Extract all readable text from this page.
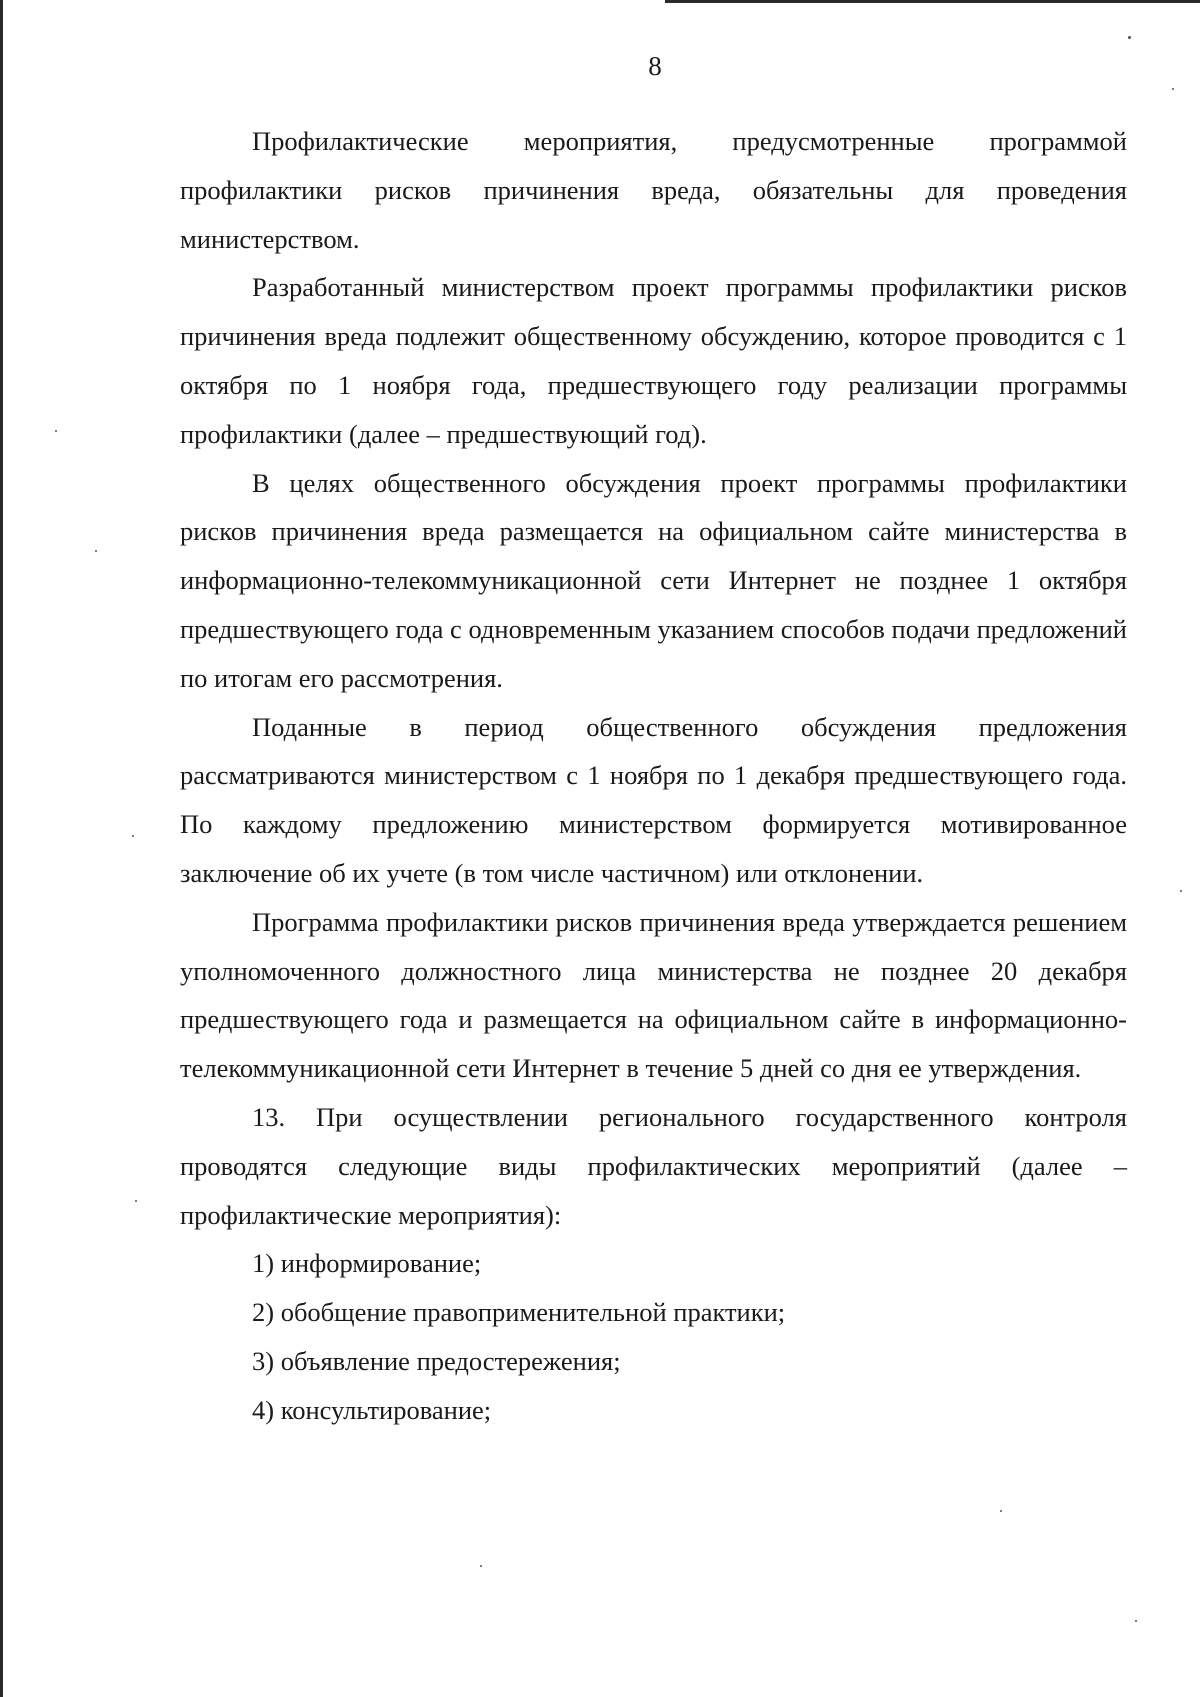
8

Профилактические мероприятия, предусмотренные программой профилактики рисков причинения вреда, обязательны для проведения министерством.

Разработанный министерством проект программы профилактики рисков причинения вреда подлежит общественному обсуждению, которое проводится с 1 октября по 1 ноября года, предшествующего году реализации программы профилактики (далее – предшествующий год).

В целях общественного обсуждения проект программы профилактики рисков причинения вреда размещается на официальном сайте министерства в информационно-телекоммуникационной сети Интернет не позднее 1 октября предшествующего года с одновременным указанием способов подачи предложений по итогам его рассмотрения.

Поданные в период общественного обсуждения предложения рассматриваются министерством с 1 ноября по 1 декабря предшествующего года. По каждому предложению министерством формируется мотивированное заключение об их учете (в том числе частичном) или отклонении.

Программа профилактики рисков причинения вреда утверждается решением уполномоченного должностного лица министерства не позднее 20 декабря предшествующего года и размещается на официальном сайте в информационно-телекоммуникационной сети Интернет в течение 5 дней со дня ее утверждения.

13. При осуществлении регионального государственного контроля проводятся следующие виды профилактических мероприятий (далее – профилактические мероприятия):

1) информирование;

2) обобщение правоприменительной практики;

3) объявление предостережения;

4) консультирование;
